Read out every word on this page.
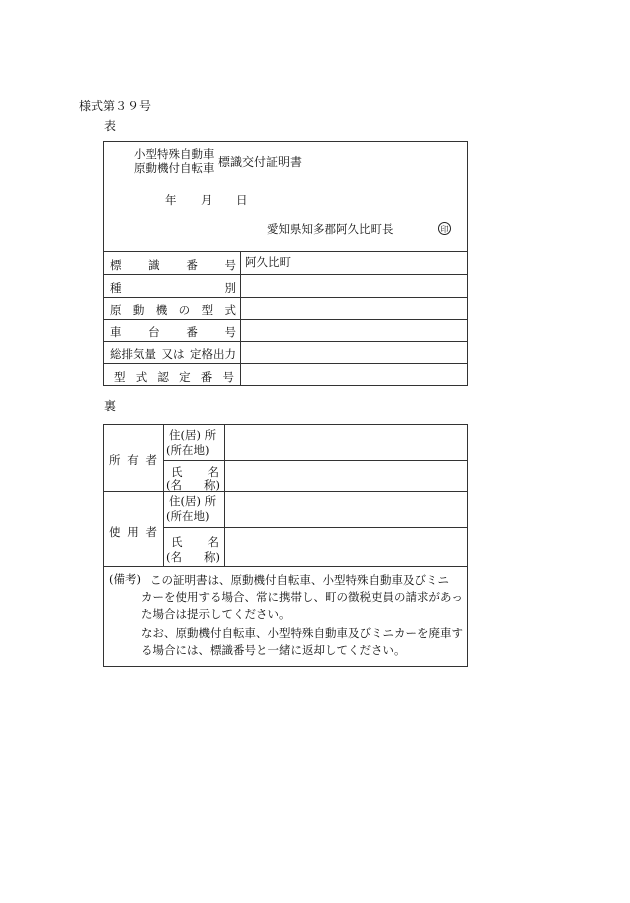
様式第３９号
表
小型特殊自動車
原動機付自転車 標識交付証明書
年 月 日
愛知県知多郡阿久比町長	印
標 識 番 号 阿久比町
種	別
原 動 機 の 型 式
車 台 番 号
総排気量 又は 定格出力
型 式 認 定 番 号
裏
所 有 者
住(居) 所
(所在地)
氏 名
(名 称)
使 用 者
住(居) 所
(所在地)
氏 名
(名 称)
(備考) この証明書は、原動機付自転車、小型特殊自動車及びミニ
カーを使用する場合、常に携帯し、町の徴税吏員の請求があっ
た場合は提示してください。
なお、原動機付自転車、小型特殊自動車及びミニカーを廃車す
る場合には、標識番号と一緒に返却してください。
